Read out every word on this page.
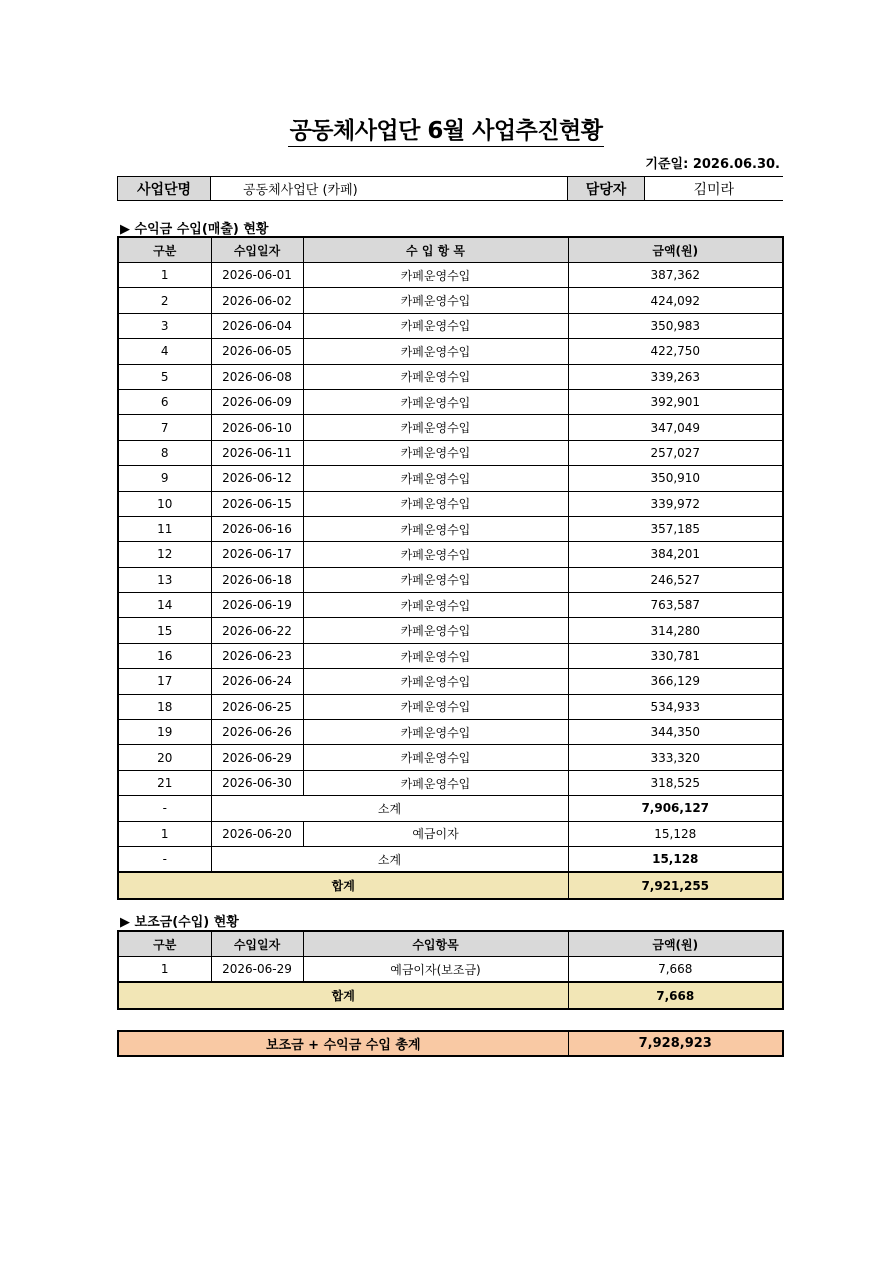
공동체사업단 6월 사업추진현황
기준일: 2026.06.30.
사업단명	공동체사업단 (카페)	담당자	김미라
▶ 수익금 수입(매출) 현황
구분	수입일자	수 입 항 목	금액(원)
1	2026-06-01	카페운영수입	387,362
2	2026-06-02	카페운영수입	424,092
3	2026-06-04	카페운영수입	350,983
4	2026-06-05	카페운영수입	422,750
5	2026-06-08	카페운영수입	339,263
6	2026-06-09	카페운영수입	392,901
7	2026-06-10	카페운영수입	347,049
8	2026-06-11	카페운영수입	257,027
9	2026-06-12	카페운영수입	350,910
10	2026-06-15	카페운영수입	339,972
11	2026-06-16	카페운영수입	357,185
12	2026-06-17	카페운영수입	384,201
13	2026-06-18	카페운영수입	246,527
14	2026-06-19	카페운영수입	763,587
15	2026-06-22	카페운영수입	314,280
16	2026-06-23	카페운영수입	330,781
17	2026-06-24	카페운영수입	366,129
18	2026-06-25	카페운영수입	534,933
19	2026-06-26	카페운영수입	344,350
20	2026-06-29	카페운영수입	333,320
21	2026-06-30	카페운영수입	318,525
-	소계		7,906,127
1	2026-06-20	예금이자	15,128
-	소계		15,128
합계			7,921,255
▶ 보조금(수입) 현황
구분	수입일자	수입항목	금액(원)
1	2026-06-29	예금이자(보조금)	7,668
합계			7,668
보조금 + 수익금 수입 총계	7,928,923
